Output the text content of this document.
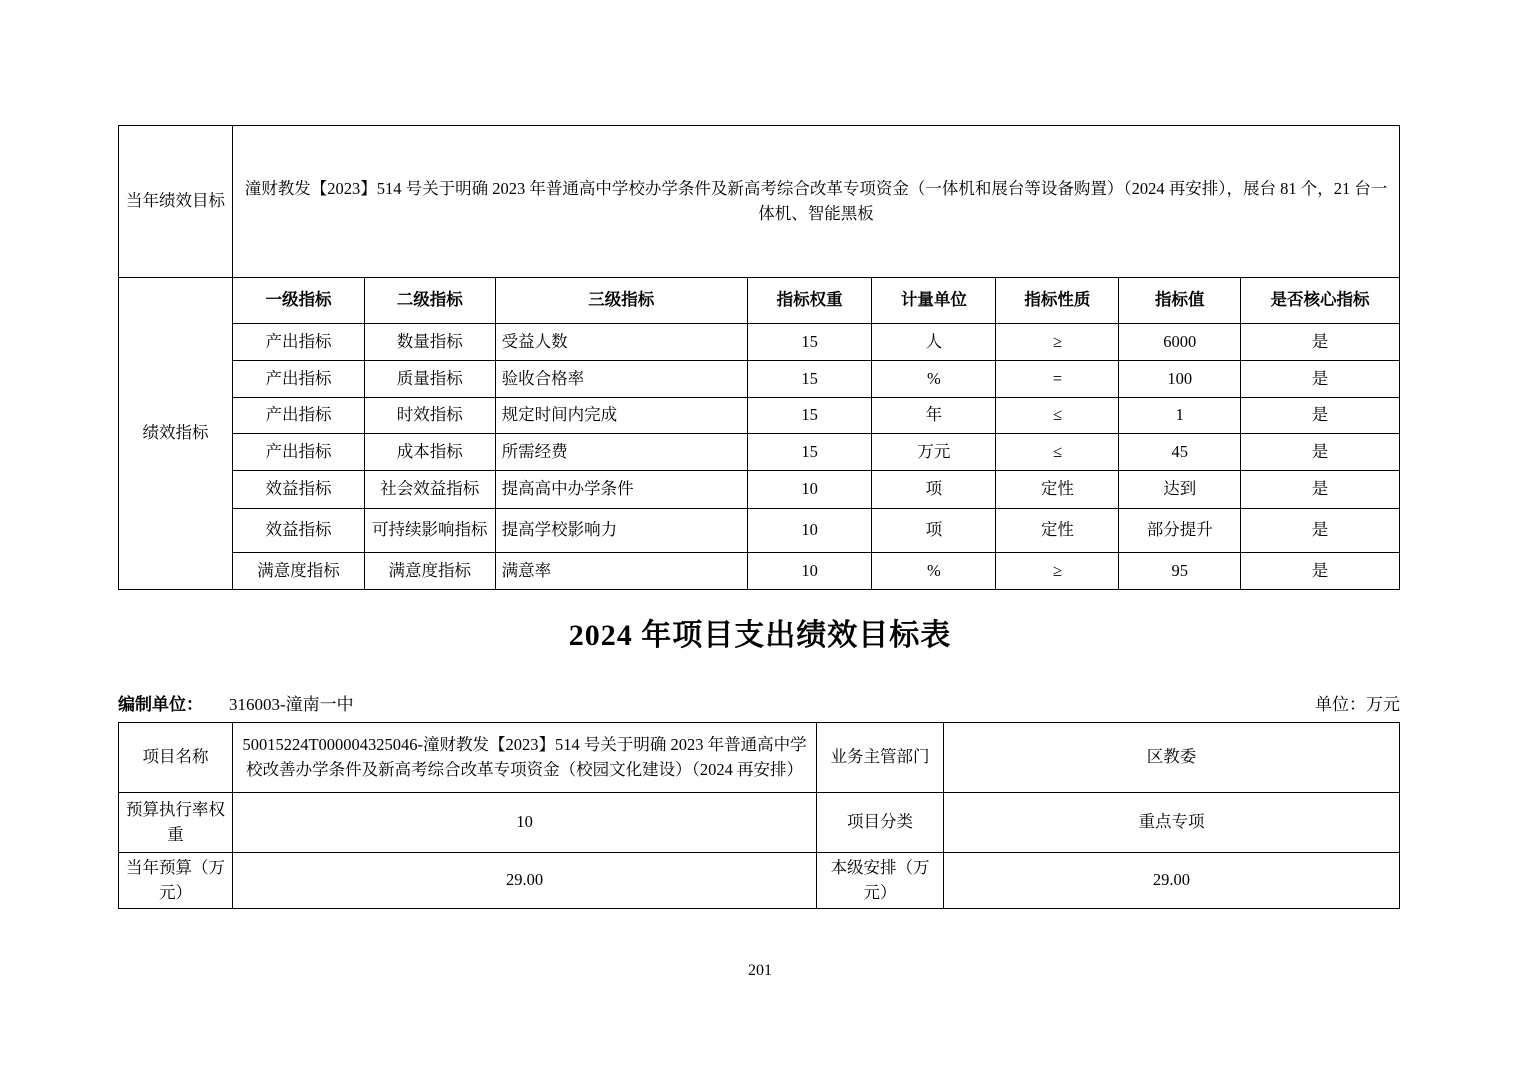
当年绩效目标	潼财教发【2023】514 号关于明确 2023 年普通高中学校办学条件及新高考综合改革专项资金（一体机和展台等设备购置）（2024 再安排），展台 81 个，21 台一体机、智能黑板							
绩效指标	一级指标	二级指标	三级指标	指标权重	计量单位	指标性质	指标值	是否核心指标
	产出指标	数量指标	受益人数	15	人	≥	6000	是
	产出指标	质量指标	验收合格率	15	%	=	100	是
	产出指标	时效指标	规定时间内完成	15	年	≤	1	是
	产出指标	成本指标	所需经费	15	万元	≤	45	是
	效益指标	社会效益指标	提高高中办学条件	10	项	定性	达到	是
	效益指标	可持续影响指标	提高学校影响力	10	项	定性	部分提升	是
	满意度指标	满意度指标	满意率	10	%	≥	95	是
2024 年项目支出绩效目标表
编制单位： 316003-潼南一中	单位：万元
项目名称	50015224T000004325046-潼财教发【2023】514 号关于明确 2023 年普通高中学校改善办学条件及新高考综合改革专项资金（校园文化建设）（2024 再安排）	业务主管部门	区教委
预算执行率权重	10	项目分类	重点专项
当年预算（万元）	29.00	本级安排（万元）	29.00
201
